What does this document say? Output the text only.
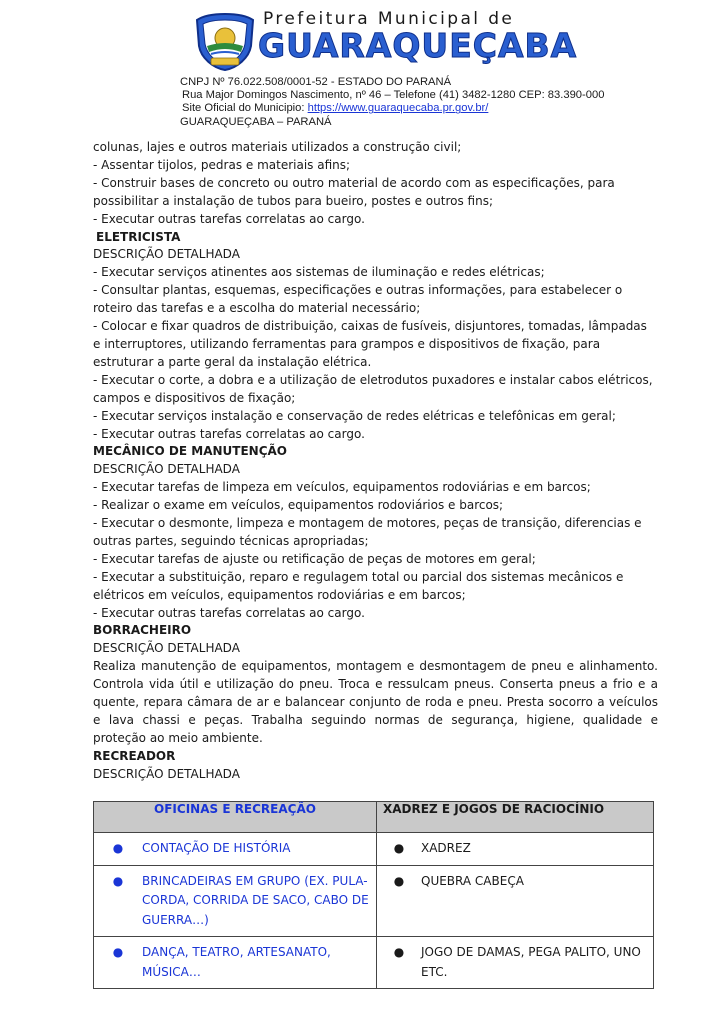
Prefeitura Municipal de
GUARAQUEÇABA
CNPJ Nº 76.022.508/0001-52 - ESTADO DO PARANÁ
Rua Major Domingos Nascimento, nº 46 – Telefone (41) 3482-1280 CEP: 83.390-000
Site Oficial do Municipio: https://www.guaraquecaba.pr.gov.br/
GUARAQUEÇABA – PARANÁ

colunas, lajes e outros materiais utilizados a construção civil;

- Assentar tijolos, pedras e materiais afins;

- Construir bases de concreto ou outro material de acordo com as especificações, para possibilitar a instalação de tubos para bueiro, postes e outros fins;

- Executar outras tarefas correlatas ao cargo.

ELETRICISTA

DESCRIÇÃO DETALHADA

- Executar serviços atinentes aos sistemas de iluminação e redes elétricas;

- Consultar plantas, esquemas, especificações e outras informações, para estabelecer o roteiro das tarefas e a escolha do material necessário;

- Colocar e fixar quadros de distribuição, caixas de fusíveis, disjuntores, tomadas, lâmpadas e interruptores, utilizando ferramentas para grampos e dispositivos de fixação, para estruturar a parte geral da instalação elétrica.

- Executar o corte, a dobra e a utilização de eletrodutos puxadores e instalar cabos elétricos, campos e dispositivos de fixação;

- Executar serviços instalação e conservação de redes elétricas e telefônicas em geral;

- Executar outras tarefas correlatas ao cargo.

MECÂNICO DE MANUTENÇÃO

DESCRIÇÃO DETALHADA

- Executar tarefas de limpeza em veículos, equipamentos rodoviárias e em barcos;

- Realizar o exame em veículos, equipamentos rodoviários e barcos;

- Executar o desmonte, limpeza e montagem de motores, peças de transição, diferencias e outras partes, seguindo técnicas apropriadas;

- Executar tarefas de ajuste ou retificação de peças de motores em geral;

- Executar a substituição, reparo e regulagem total ou parcial dos sistemas mecânicos e elétricos em veículos, equipamentos rodoviárias e em barcos;

- Executar outras tarefas correlatas ao cargo.

BORRACHEIRO

DESCRIÇÃO DETALHADA

Realiza manutenção de equipamentos, montagem e desmontagem de pneu e alinhamento. Controla vida útil e utilização do pneu. Troca e ressulcam pneus. Conserta pneus a frio e a quente, repara câmara de ar e balancear conjunto de roda e pneu. Presta socorro a veículos e lava chassi e peças. Trabalha seguindo normas de segurança, higiene, qualidade e proteção ao meio ambiente.

RECREADOR

DESCRIÇÃO DETALHADA

OFICINAS E RECREAÇÃO	XADREZ E JOGOS DE RACIOCÍNIO

● CONTAÇÃO DE HISTÓRIA	● XADREZ

● BRINCADEIRAS EM GRUPO (EX. PULA-CORDA, CORRIDA DE SACO, CABO DE GUERRA…)	● QUEBRA CABEÇA

● DANÇA, TEATRO, ARTESANATO, MÚSICA…	● JOGO DE DAMAS, PEGA PALITO, UNO ETC.
